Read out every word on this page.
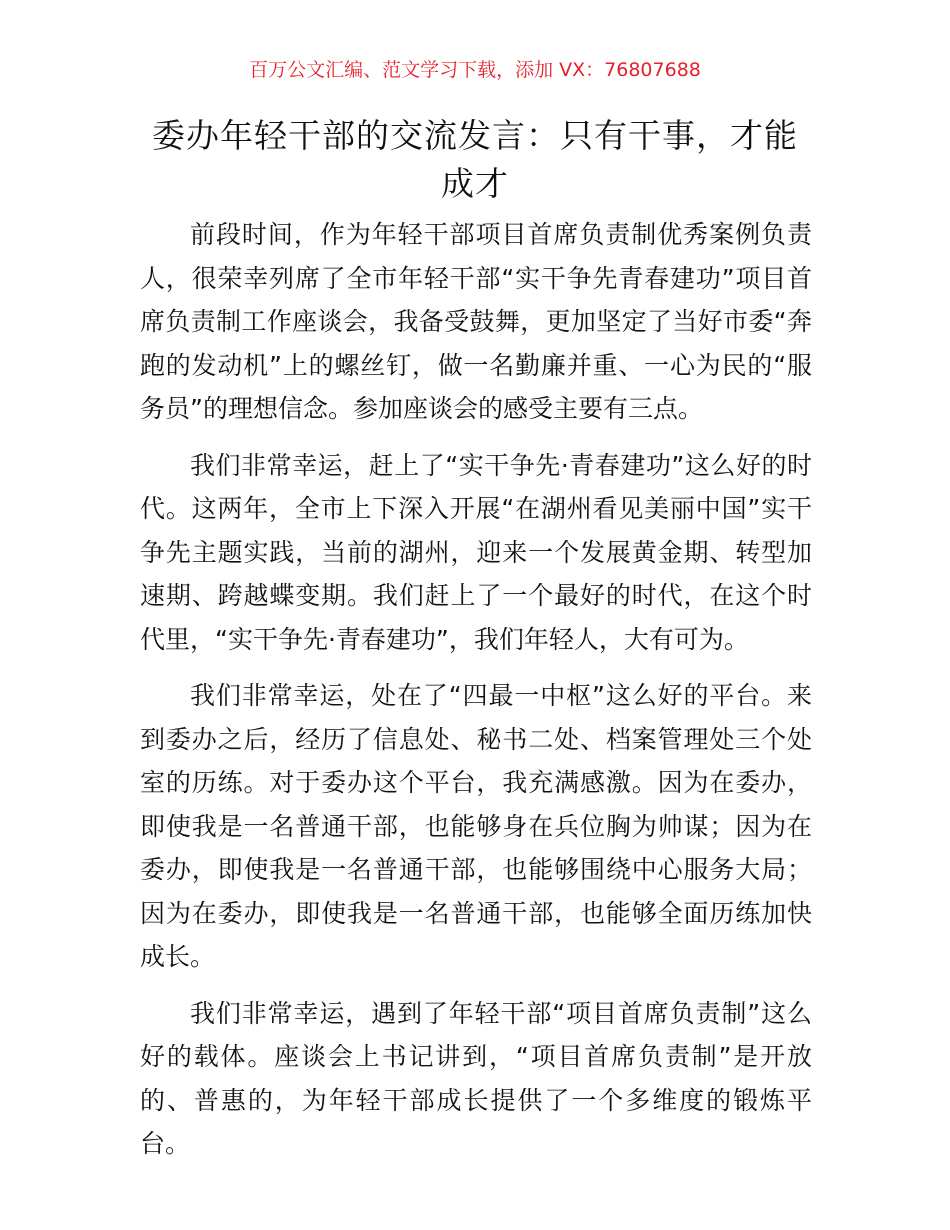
百万公文汇编、范文学习下载，添加 VX：76807688
委办年轻干部的交流发言：只有干事，才能成才

前段时间，作为年轻干部项目首席负责制优秀案例负责人，很荣幸列席了全市年轻干部“实干争先青春建功”项目首席负责制工作座谈会，我备受鼓舞，更加坚定了当好市委“奔跑的发动机”上的螺丝钉，做一名勤廉并重、一心为民的“服务员”的理想信念。参加座谈会的感受主要有三点。

我们非常幸运，赶上了“实干争先·青春建功”这么好的时代。这两年，全市上下深入开展“在湖州看见美丽中国”实干争先主题实践，当前的湖州，迎来一个发展黄金期、转型加速期、跨越蝶变期。我们赶上了一个最好的时代，在这个时代里，“实干争先·青春建功”，我们年轻人，大有可为。

我们非常幸运，处在了“四最一中枢”这么好的平台。来到委办之后，经历了信息处、秘书二处、档案管理处三个处室的历练。对于委办这个平台，我充满感激。因为在委办，即使我是一名普通干部，也能够身在兵位胸为帅谋；因为在委办，即使我是一名普通干部，也能够围绕中心服务大局；因为在委办，即使我是一名普通干部，也能够全面历练加快成长。

我们非常幸运，遇到了年轻干部“项目首席负责制”这么好的载体。座谈会上书记讲到，“项目首席负责制”是开放的、普惠的，为年轻干部成长提供了一个多维度的锻炼平台。
